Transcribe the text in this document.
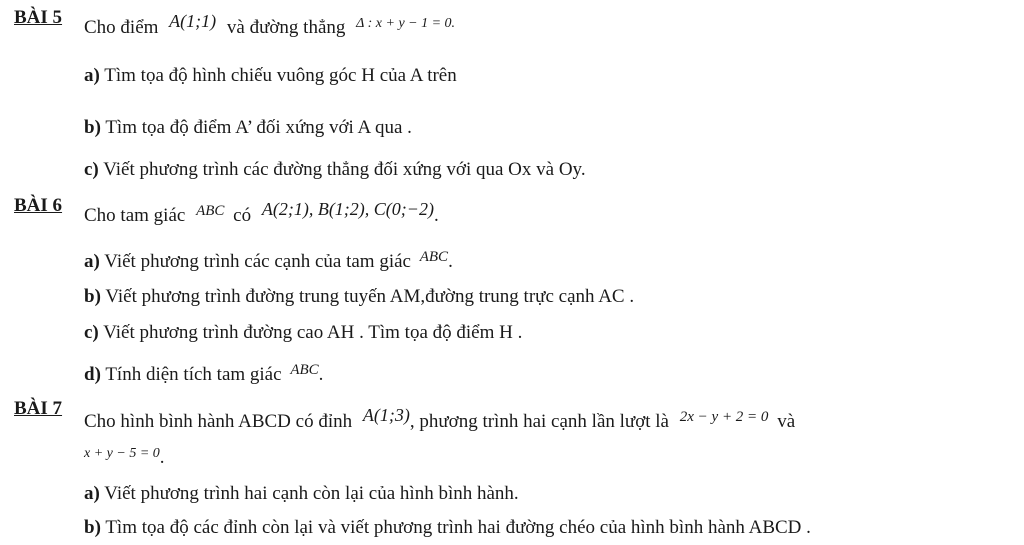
BÀI 5 Cho điểm A(1;1) và đường thẳng $^{\Delta : x + y - 1 = 0.}$
a) Tìm tọa độ hình chiếu vuông góc H của A trên
b) Tìm tọa độ điểm A’ đối xứng với A qua .
c) Viết phương trình các đường thẳng đối xứng với qua Ox và Oy.
BÀI 6 Cho tam giác $^{ABC}$ có A(2;1), B(1;2), C(0;−2).
a) Viết phương trình các cạnh của tam giác $^{ABC}$.
b) Viết phương trình đường trung tuyến AM,đường trung trực cạnh AC .
c) Viết phương trình đường cao AH . Tìm tọa độ điểm H .
d) Tính diện tích tam giác $^{ABC}$.
BÀI 7
Cho hình bình hành ABCD có đỉnh A(1;3), phương trình hai cạnh lần lượt là $^{2x - y + 2 = 0}$ và
x + y − 5 = 0.
a) Viết phương trình hai cạnh còn lại của hình bình hành.
b) Tìm tọa độ các đỉnh còn lại và viết phương trình hai đường chéo của hình bình hành ABCD .
